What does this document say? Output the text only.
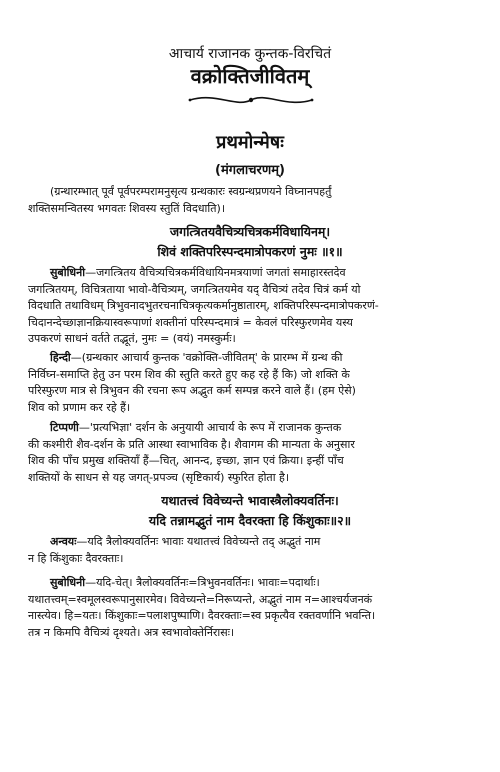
आचार्य राजानक कुन्तक-विरचितं
वक्रोक्तिजीवितम्
प्रथमोन्मेषः
(मंगलाचरणम्)
(ग्रन्थारम्भात् पूर्वं पूर्वपरम्परामनुसृत्य ग्रन्थकारः स्वग्रन्थप्रणयने विघ्नानपहर्तुं
शक्तिसमन्वितस्य भगवतः शिवस्य स्तुतिं विदधाति)।
जगत्त्रितयवैचित्र्यचित्रकर्मविधायिनम्।
शिवं शक्तिपरिस्पन्दमात्रोपकरणं नुमः ॥१॥
सुबोधिनी—जगत्त्रितय वैचित्र्यचित्रकर्मविधायिनमत्रयाणां जगतां समाहारस्तदेव
जगत्त्रितयम्, विचित्रताया भावो-वैचित्र्यम्, जगत्त्रितयमेव यद् वैचित्र्यं तदेव चित्रं कर्म यो
विदधाति तथाविधम् त्रिभुवनादभुतरचनाचित्रकृत्यकर्मानुष्ठातारम्, शक्तिपरिस्पन्दमात्रोपकरणं-
चिदानन्देच्छाज्ञानक्रियास्वरूपाणां शक्तीनां परिस्पन्दमात्रं = केवलं परिस्फुरणमेव यस्य
उपकरणं साधनं वर्तते तद्भूतं, नुमः = (वयं) नमस्कुर्मः।
हिन्दी—(ग्रन्थकार आचार्य कुन्तक 'वक्रोक्ति-जीवितम्' के प्रारम्भ में ग्रन्थ की
निर्विघ्न-समाप्ति हेतु उन परम शिव की स्तुति करते हुए कह रहे हैं कि) जो शक्ति के
परिस्फुरण मात्र से त्रिभुवन की रचना रूप अद्भुत कर्म सम्पन्न करने वाले हैं। (हम ऐसे)
शिव को प्रणाम कर रहे हैं।
टिप्पणी—'प्रत्यभिज्ञा' दर्शन के अनुयायी आचार्य के रूप में राजानक कुन्तक
की कश्मीरी शैव-दर्शन के प्रति आस्था स्वाभाविक है। शैवागम की मान्यता के अनुसार
शिव की पाँच प्रमुख शक्तियाँ हैं—चित्, आनन्द, इच्छा, ज्ञान एवं क्रिया। इन्हीं पाँच
शक्तियों के साधन से यह जगत्-प्रपञ्च (सृष्टिकार्य) स्फुरित होता है।
यथातत्त्वं विवेच्यन्ते भावास्त्रैलोक्यवर्तिनः।
यदि तन्नामद्भुतं नाम दैवरक्ता हि किंशुकाः॥२॥
अन्वयः—यदि त्रैलोक्यवर्तिनः भावाः यथातत्त्वं विवेच्यन्ते तद् अद्भुतं नाम
न हि किंशुकाः दैवरक्ताः।
सुबोधिनी—यदि-चेत्। त्रैलोक्यवर्तिनः=त्रिभुवनवर्तिनः। भावाः=पदार्थाः।
यथातत्त्वम्=स्वमूलस्वरूपानुसारमेव। विवेच्यन्ते=निरूप्यन्ते, अद्भुतं नाम न=आश्चर्यजनकं
नास्त्येव। हि=यतः। किंशुकाः=पलाशपुष्पाणि। दैवरक्ताः=स्व प्रकृत्यैव रक्तवर्णानि भवन्ति।
तत्र न किमपि वैचित्र्यं दृश्यते। अत्र स्वभावोक्तेर्निरासः।
